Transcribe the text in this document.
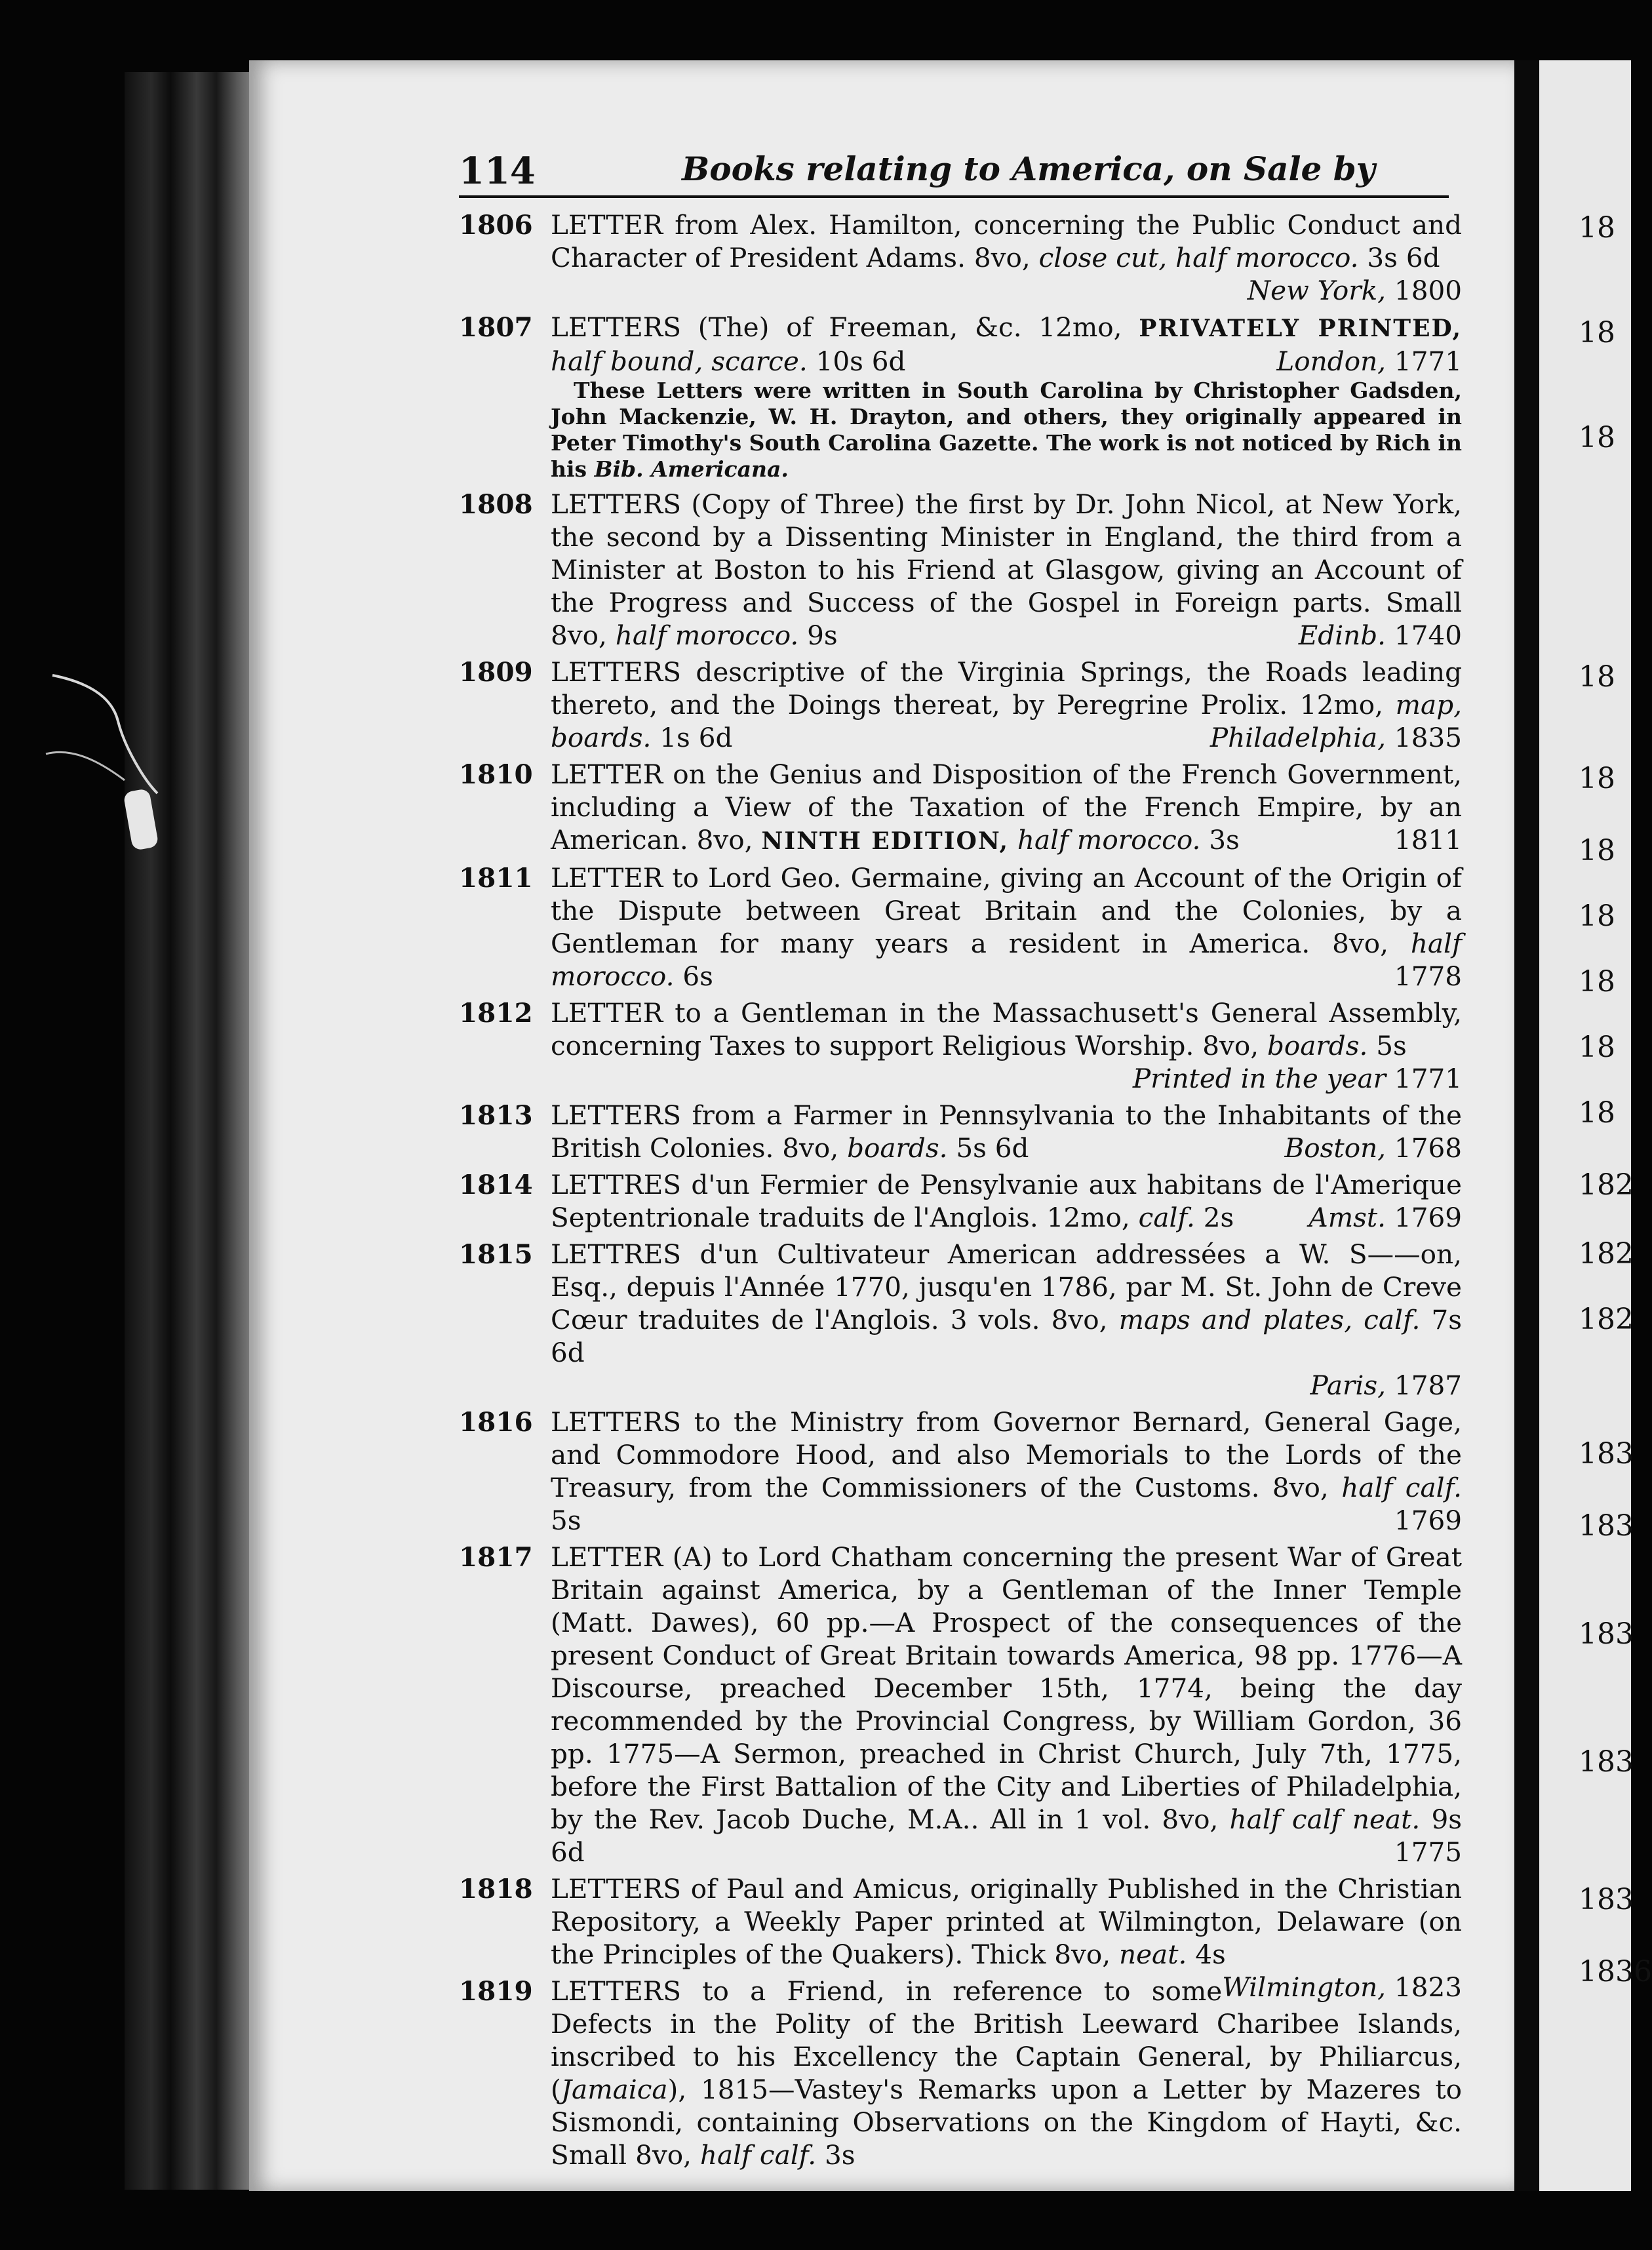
18
18
18
18
18
18
18
18
18
18
182
182
182
183
183
183
183
183
1836
114	Books relating to America, on Sale by
1806 LETTER from Alex. Hamilton, concerning the Public Conduct and Character of President Adams. 8vo, close cut, half morocco. 3s 6d
New York, 1800
1807 LETTERS (The) of Freeman, &c. 12mo, PRIVATELY PRINTED, half bound, scarce. 10s 6d	London, 1771
These Letters were written in South Carolina by Christopher Gadsden, John Mackenzie, W. H. Drayton, and others, they originally appeared in Peter Timothy's South Carolina Gazette. The work is not noticed by Rich in his Bib. Americana.
1808 LETTERS (Copy of Three) the first by Dr. John Nicol, at New York, the second by a Dissenting Minister in England, the third from a Minister at Boston to his Friend at Glasgow, giving an Account of the Progress and Success of the Gospel in Foreign parts. Small 8vo, half morocco. 9s	Edinb. 1740
1809 LETTERS descriptive of the Virginia Springs, the Roads leading thereto, and the Doings thereat, by Peregrine Prolix. 12mo, map, boards. 1s 6d	Philadelphia, 1835
1810 LETTER on the Genius and Disposition of the French Government, including a View of the Taxation of the French Empire, by an American. 8vo, NINTH EDITION, half morocco. 3s	1811
1811 LETTER to Lord Geo. Germaine, giving an Account of the Origin of the Dispute between Great Britain and the Colonies, by a Gentleman for many years a resident in America. 8vo, half morocco. 6s	1778
1812 LETTER to a Gentleman in the Massachusett's General Assembly, concerning Taxes to support Religious Worship. 8vo, boards. 5s
Printed in the year 1771
1813 LETTERS from a Farmer in Pennsylvania to the Inhabitants of the British Colonies. 8vo, boards. 5s 6d	Boston, 1768
1814 LETTRES d'un Fermier de Pensylvanie aux habitans de l'Amerique Septentrionale traduits de l'Anglois. 12mo, calf. 2s	Amst. 1769
1815 LETTRES d'un Cultivateur American addressées a W. S——on, Esq., depuis l'Année 1770, jusqu'en 1786, par M. St. John de Creve Cœur traduites de l'Anglois. 3 vols. 8vo, maps and plates, calf. 7s 6d
Paris, 1787
1816 LETTERS to the Ministry from Governor Bernard, General Gage, and Commodore Hood, and also Memorials to the Lords of the Treasury, from the Commissioners of the Customs. 8vo, half calf. 5s	1769
1817 LETTER (A) to Lord Chatham concerning the present War of Great Britain against America, by a Gentleman of the Inner Temple (Matt. Dawes), 60 pp.—A Prospect of the consequences of the present Conduct of Great Britain towards America, 98 pp. 1776—A Discourse, preached December 15th, 1774, being the day recommended by the Provincial Congress, by William Gordon, 36 pp. 1775—A Sermon, preached in Christ Church, July 7th, 1775, before the First Battalion of the City and Liberties of Philadelphia, by the Rev. Jacob Duche, M.A.. All in 1 vol. 8vo, half calf neat. 9s 6d	1775
1818 LETTERS of Paul and Amicus, originally Published in the Christian Repository, a Weekly Paper printed at Wilmington, Delaware (on the Principles of the Quakers). Thick 8vo, neat. 4s
Wilmington, 1823
1819 LETTERS to a Friend, in reference to some Defects in the Polity of the British Leeward Charibee Islands, inscribed to his Excellency the Captain General, by Philiarcus, (Jamaica), 1815—Vastey's Remarks upon a Letter by Mazeres to Sismondi, containing Observations on the Kingdom of Hayti, &c. Small 8vo, half calf. 3s
